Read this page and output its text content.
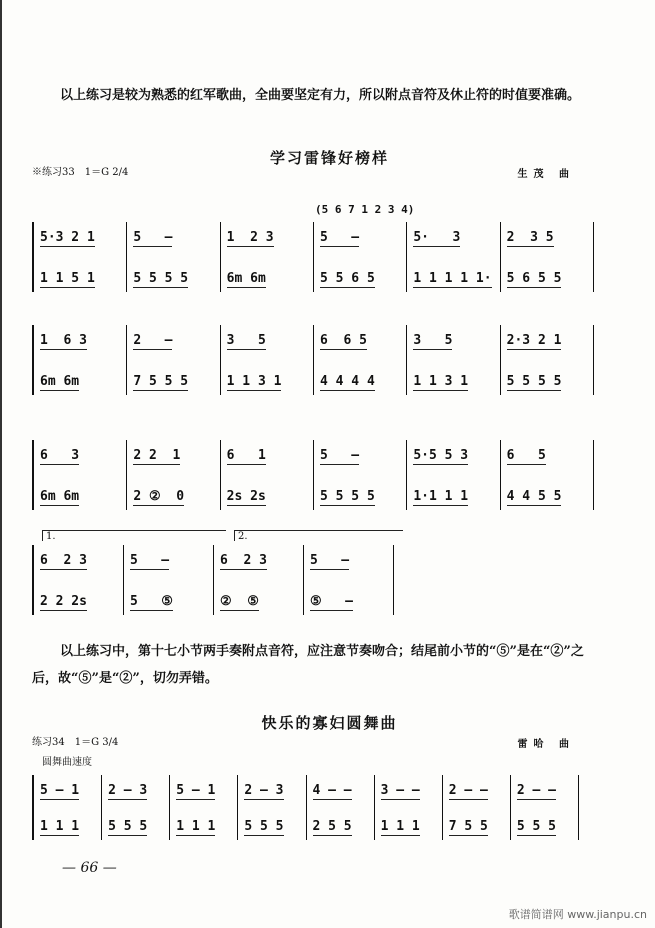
以上练习是较为熟悉的红军歌曲，全曲要坚定有力，所以附点音符及休止符的时值要准确。
学习雷锋好榜样
※练习33　1＝G 2/4	生茂 曲
(5 6 7 1 2 3 4)
5·3 2 1
1 1 5 1
5   —
5 5 5 5
1  2 3
6m 6m
5   —
5 5 6 5
5·   3
1 1 1 1 1·
2  3 5
5 6 5 5
1  6 3
6m 6m
2   —
7 5 5 5
3   5
1 1 3 1
6  6 5
4 4 4 4
3   5
1 1 3 1
2·3 2 1
5 5 5 5
6   3
6m 6m
2 2  1
2 ②  0
6   1
2s 2s
5   —
5 5 5 5
5·5 5 3
1·1 1 1
6   5
4 4 5 5
6  2 3
2 2 2s
5   —
5   ⑤
6  2 3
②  ⑤
5   —
⑤   —
1.	2.
以上练习中，第十七小节两手奏附点音符，应注意节奏吻合；结尾前小节的“⑤”是在“②”之后，故“⑤”是“②”，切勿弄错。
快乐的寡妇圆舞曲
练习34　1＝G 3/4	雷哈 曲
圆舞曲速度
5 — 1
1 1 1
2 — 3
5 5 5
5 — 1
1 1 1
2 — 3
5 5 5
4 — —
2 5 5
3 — —
1 1 1
2 — —
7 5 5
2 — —
5 5 5
— 66 —
歌谱简谱网 www.jianpu.cn
